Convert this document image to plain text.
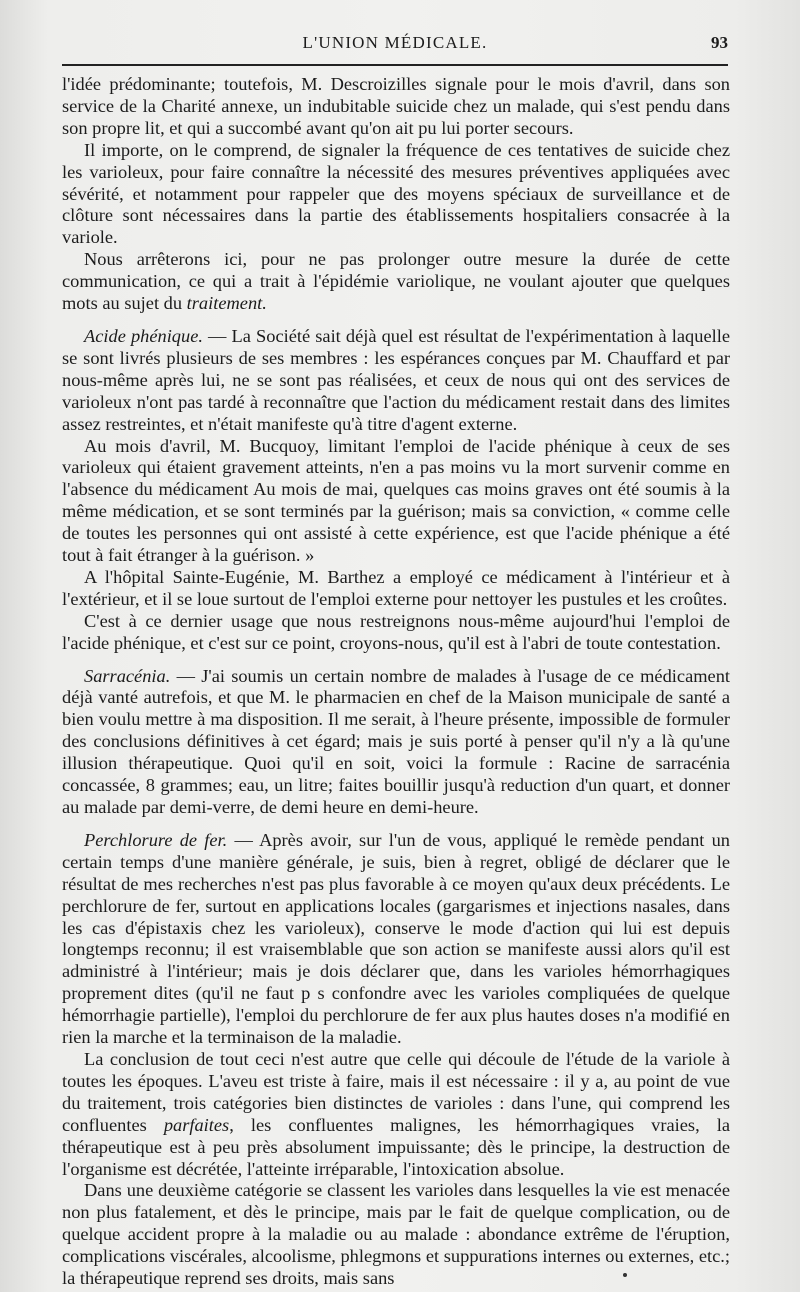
L'UNION MÉDICALE.	93

l'idée prédominante; toutefois, M. Descroizilles signale pour le mois d'avril, dans son service de la Charité annexe, un indubitable suicide chez un malade, qui s'est pendu dans son propre lit, et qui a succombé avant qu'on ait pu lui porter secours.

Il importe, on le comprend, de signaler la fréquence de ces tentatives de suicide chez les varioleux, pour faire connaître la nécessité des mesures préventives appliquées avec sévérité, et notamment pour rappeler que des moyens spéciaux de surveillance et de clôture sont nécessaires dans la partie des établissements hospitaliers consacrée à la variole.

Nous arrêterons ici, pour ne pas prolonger outre mesure la durée de cette communication, ce qui a trait à l'épidémie variolique, ne voulant ajouter que quelques mots au sujet du traitement.

Acide phénique. — La Société sait déjà quel est résultat de l'expérimentation à laquelle se sont livrés plusieurs de ses membres : les espérances conçues par M. Chauffard et par nous-même après lui, ne se sont pas réalisées, et ceux de nous qui ont des services de varioleux n'ont pas tardé à reconnaître que l'action du médicament restait dans des limites assez restreintes, et n'était manifeste qu'à titre d'agent externe.

Au mois d'avril, M. Bucquoy, limitant l'emploi de l'acide phénique à ceux de ses varioleux qui étaient gravement atteints, n'en a pas moins vu la mort survenir comme en l'absence du médicament Au mois de mai, quelques cas moins graves ont été soumis à la même médication, et se sont terminés par la guérison; mais sa conviction, « comme celle de toutes les personnes qui ont assisté à cette expérience, est que l'acide phénique a été tout à fait étranger à la guérison. »

A l'hôpital Sainte-Eugénie, M. Barthez a employé ce médicament à l'intérieur et à l'extérieur, et il se loue surtout de l'emploi externe pour nettoyer les pustules et les croûtes.

C'est à ce dernier usage que nous restreignons nous-même aujourd'hui l'emploi de l'acide phénique, et c'est sur ce point, croyons-nous, qu'il est à l'abri de toute contestation.

Sarracénia. — J'ai soumis un certain nombre de malades à l'usage de ce médicament déjà vanté autrefois, et que M. le pharmacien en chef de la Maison municipale de santé a bien voulu mettre à ma disposition. Il me serait, à l'heure présente, impossible de formuler des conclusions définitives à cet égard; mais je suis porté à penser qu'il n'y a là qu'une illusion thérapeutique. Quoi qu'il en soit, voici la formule : Racine de sarracénia concassée, 8 grammes; eau, un litre; faites bouillir jusqu'à reduction d'un quart, et donner au malade par demi-verre, de demi heure en demi-heure.

Perchlorure de fer. — Après avoir, sur l'un de vous, appliqué le remède pendant un certain temps d'une manière générale, je suis, bien à regret, obligé de déclarer que le résultat de mes recherches n'est pas plus favorable à ce moyen qu'aux deux précédents. Le perchlorure de fer, surtout en applications locales (gargarismes et injections nasales, dans les cas d'épistaxis chez les varioleux), conserve le mode d'action qui lui est depuis longtemps reconnu; il est vraisemblable que son action se manifeste aussi alors qu'il est administré à l'intérieur; mais je dois déclarer que, dans les varioles hémorrhagiques proprement dites (qu'il ne faut p s confondre avec les varioles compliquées de quelque hémorrhagie partielle), l'emploi du perchlorure de fer aux plus hautes doses n'a modifié en rien la marche et la terminaison de la maladie.

La conclusion de tout ceci n'est autre que celle qui découle de l'étude de la variole à toutes les époques. L'aveu est triste à faire, mais il est nécessaire : il y a, au point de vue du traitement, trois catégories bien distinctes de varioles : dans l'une, qui comprend les confluentes parfaites, les confluentes malignes, les hémorrhagiques vraies, la thérapeutique est à peu près absolument impuissante; dès le principe, la destruction de l'organisme est décrétée, l'atteinte irréparable, l'intoxication absolue.

Dans une deuxième catégorie se classent les varioles dans lesquelles la vie est menacée non plus fatalement, et dès le principe, mais par le fait de quelque complication, ou de quelque accident propre à la maladie ou au malade : abondance extrême de l'éruption, complications viscérales, alcoolisme, phlegmons et suppurations internes ou externes, etc.; la thérapeutique reprend ses droits, mais sans
